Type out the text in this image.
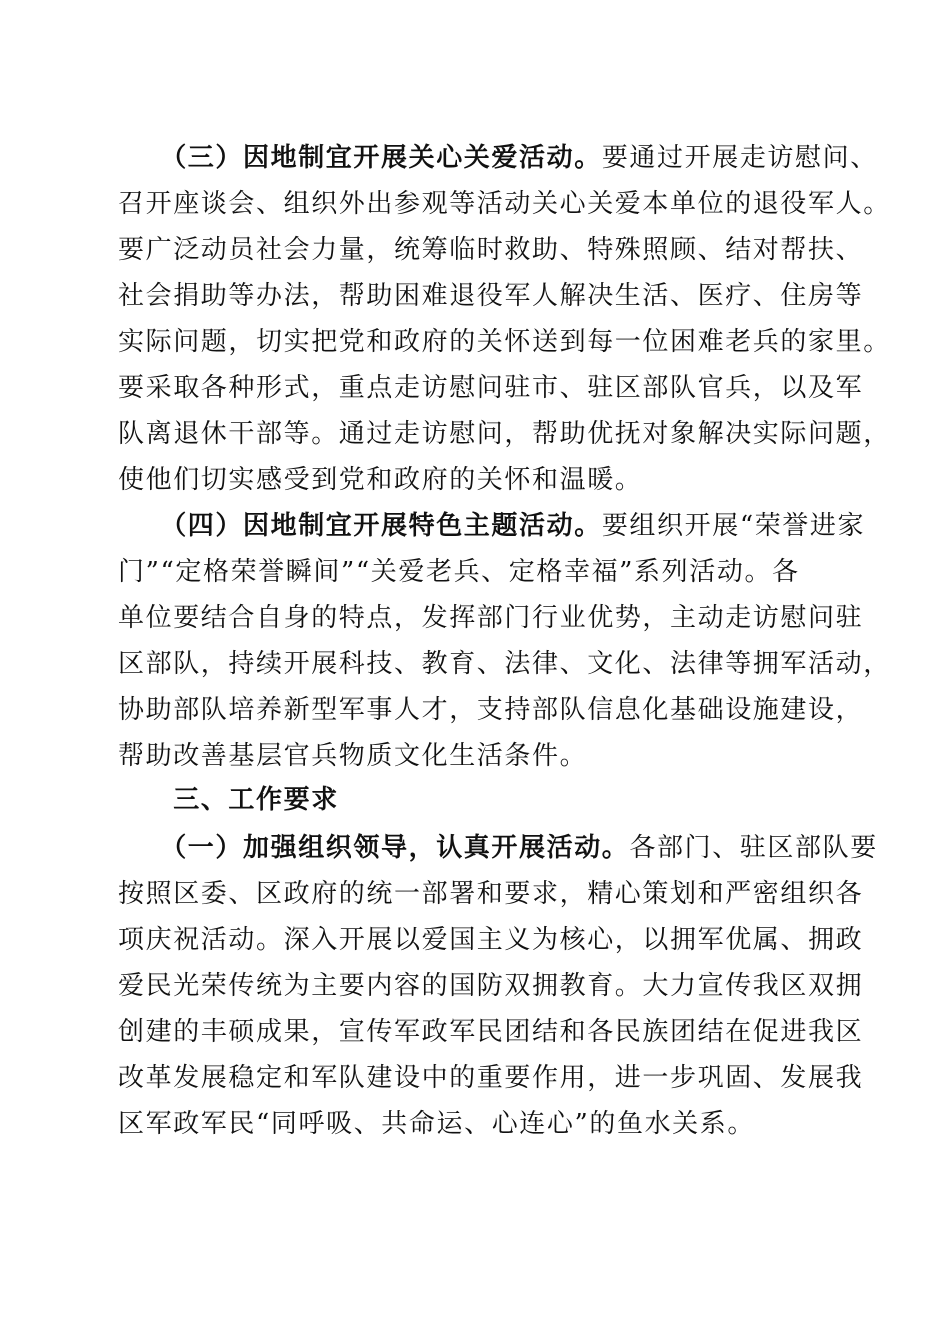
　　（三）因地制宜开展关心关爱活动。要通过开展走访慰问、
召开座谈会、组织外出参观等活动关心关爱本单位的退役军人。
要广泛动员社会力量，统筹临时救助、特殊照顾、结对帮扶、
社会捐助等办法，帮助困难退役军人解决生活、医疗、住房等
实际问题，切实把党和政府的关怀送到每一位困难老兵的家里。
要采取各种形式，重点走访慰问驻市、驻区部队官兵，以及军
队离退休干部等。通过走访慰问，帮助优抚对象解决实际问题，
使他们切实感受到党和政府的关怀和温暖。
　　（四）因地制宜开展特色主题活动。要组织开展“荣誉进家
门”“定格荣誉瞬间”“关爱老兵、定格幸福”系列活动。各
单位要结合自身的特点，发挥部门行业优势，主动走访慰问驻
区部队，持续开展科技、教育、法律、文化、法律等拥军活动，
协助部队培养新型军事人才，支持部队信息化基础设施建设，
帮助改善基层官兵物质文化生活条件。
　　三、工作要求
　　（一）加强组织领导，认真开展活动。各部门、驻区部队要
按照区委、区政府的统一部署和要求，精心策划和严密组织各
项庆祝活动。深入开展以爱国主义为核心，以拥军优属、拥政
爱民光荣传统为主要内容的国防双拥教育。大力宣传我区双拥
创建的丰硕成果，宣传军政军民团结和各民族团结在促进我区
改革发展稳定和军队建设中的重要作用，进一步巩固、发展我
区军政军民“同呼吸、共命运、心连心”的鱼水关系。
